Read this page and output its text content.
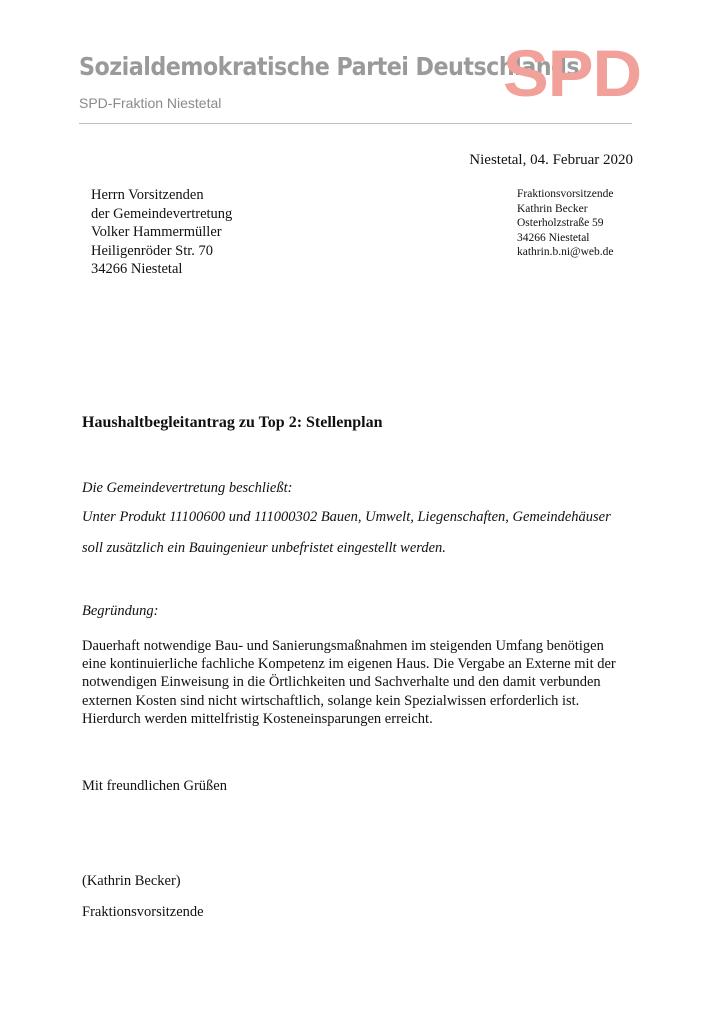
Sozialdemokratische Partei Deutschlands
SPD-Fraktion Niestetal	SPD
Niestetal, 04. Februar 2020
Herrn Vorsitzenden
der Gemeindevertretung
Volker Hammermüller
Heiligenröder Str. 70
34266 Niestetal
Fraktionsvorsitzende
Kathrin Becker
Osterholzstraße 59
34266 Niestetal
kathrin.b.ni@web.de
Haushaltbegleitantrag zu Top 2: Stellenplan
Die Gemeindevertretung beschließt:
Unter Produkt 11100600 und 111000302 Bauen, Umwelt, Liegenschaften, Gemeindehäuser
soll zusätzlich ein Bauingenieur unbefristet eingestellt werden.
Begründung:
Dauerhaft notwendige Bau- und Sanierungsmaßnahmen im steigenden Umfang benötigen
eine kontinuierliche fachliche Kompetenz im eigenen Haus. Die Vergabe an Externe mit der
notwendigen Einweisung in die Örtlichkeiten und Sachverhalte und den damit verbunden
externen Kosten sind nicht wirtschaftlich, solange kein Spezialwissen erforderlich ist.
Hierdurch werden mittelfristig Kosteneinsparungen erreicht.
Mit freundlichen Grüßen
(Kathrin Becker)
Fraktionsvorsitzende
